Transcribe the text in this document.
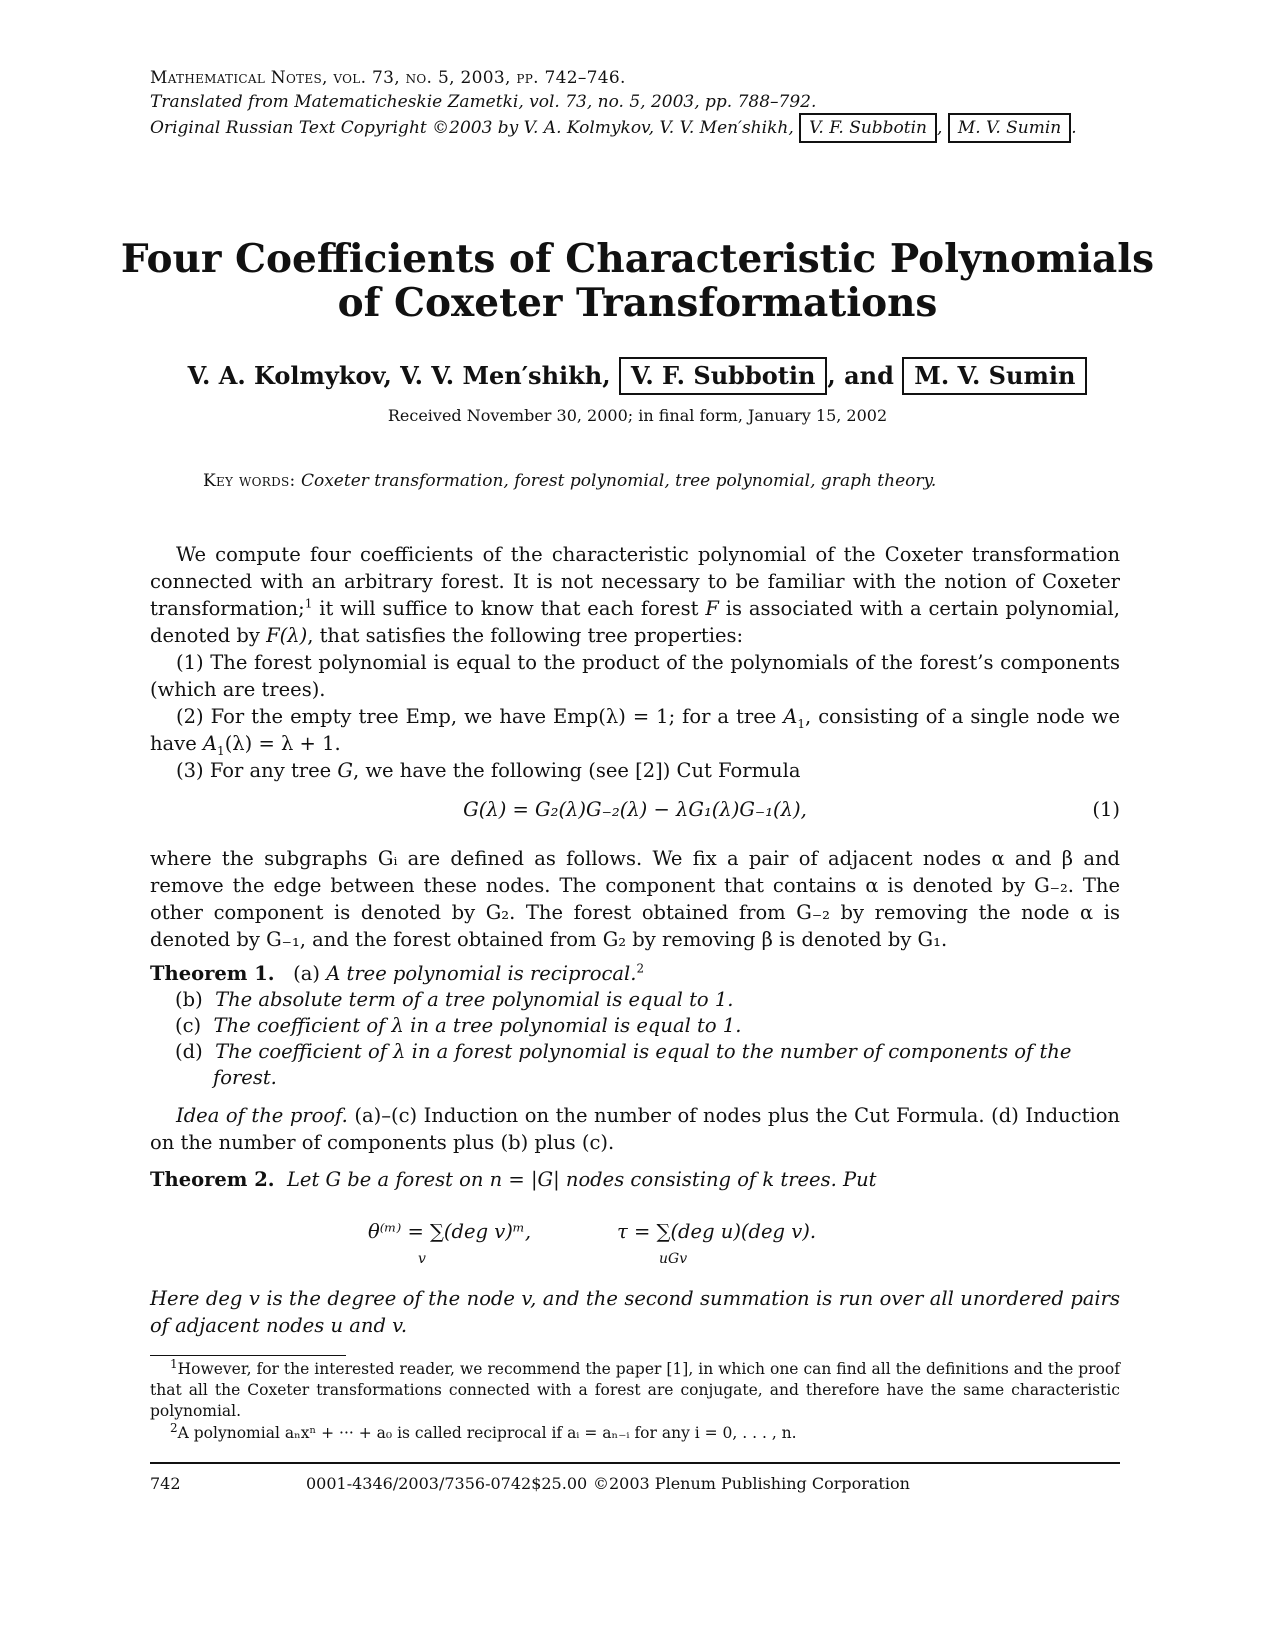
Mathematical Notes, vol. 73, no. 5, 2003, pp. 742–746.
Translated from Matematicheskie Zametki, vol. 73, no. 5, 2003, pp. 788–792.
Original Russian Text Copyright ©2003 by V. A. Kolmykov, V. V. Men′shikh, V. F. Subbotin , M. V. Sumin .
Four Coefficients of Characteristic Polynomials
of Coxeter Transformations
V. A. Kolmykov, V. V. Men′shikh, V. F. Subbotin , and M. V. Sumin
Received November 30, 2000; in final form, January 15, 2002
Key words: Coxeter transformation, forest polynomial, tree polynomial, graph theory.

We compute four coefficients of the characteristic polynomial of the Coxeter transformation connected with an arbitrary forest. It is not necessary to be familiar with the notion of Coxeter transformation;$^1$ it will suffice to know that each forest F is associated with a certain polynomial, denoted by F(λ), that satisfies the following tree properties:

(1) The forest polynomial is equal to the product of the polynomials of the forest’s components (which are trees).

(2) For the empty tree Emp, we have Emp(λ) = 1; for a tree $A_1$, consisting of a single node we have $A_1(\lambda) = \lambda + 1$.

(3) For any tree G, we have the following (see [2]) Cut Formula

G(λ) = G₂(λ)G₋₂(λ) − λG₁(λ)G₋₁(λ),	(1)
where the subgraphs Gᵢ are defined as follows. We fix a pair of adjacent nodes α and β and remove the edge between these nodes. The component that contains α is denoted by G₋₂. The other component is denoted by G₂. The forest obtained from G₋₂ by removing the node α is denoted by G₋₁, and the forest obtained from G₂ by removing β is denoted by G₁.
Theorem 1. (a) A tree polynomial is reciprocal.$^2$
(b) The absolute term of a tree polynomial is equal to 1.
(c) The coefficient of λ in a tree polynomial is equal to 1.
(d) The coefficient of λ in a forest polynomial is equal to the number of components of the
forest.

Idea of the proof. (a)–(c) Induction on the number of nodes plus the Cut Formula. (d) Induction on the number of components plus (b) plus (c).

Theorem 2. Let G be a forest on n = |G| nodes consisting of k trees. Put
θ⁽ᵐ⁾ = ∑(deg v)ᵐ,
v
τ = ∑(deg u)(deg v).
uGv
Here deg v is the degree of the node v, and the second summation is run over all unordered pairs of adjacent nodes u and v.
$^1$However, for the interested reader, we recommend the paper [1], in which one can find all the definitions and the proof that all the Coxeter transformations connected with a forest are conjugate, and therefore have the same characteristic polynomial.
$^2$A polynomial aₙxⁿ + ··· + a₀ is called reciprocal if aᵢ = aₙ₋ᵢ for any i = 0, . . . , n.
742	0001-4346/2003/7356-0742$25.00 ©2003 Plenum Publishing Corporation
